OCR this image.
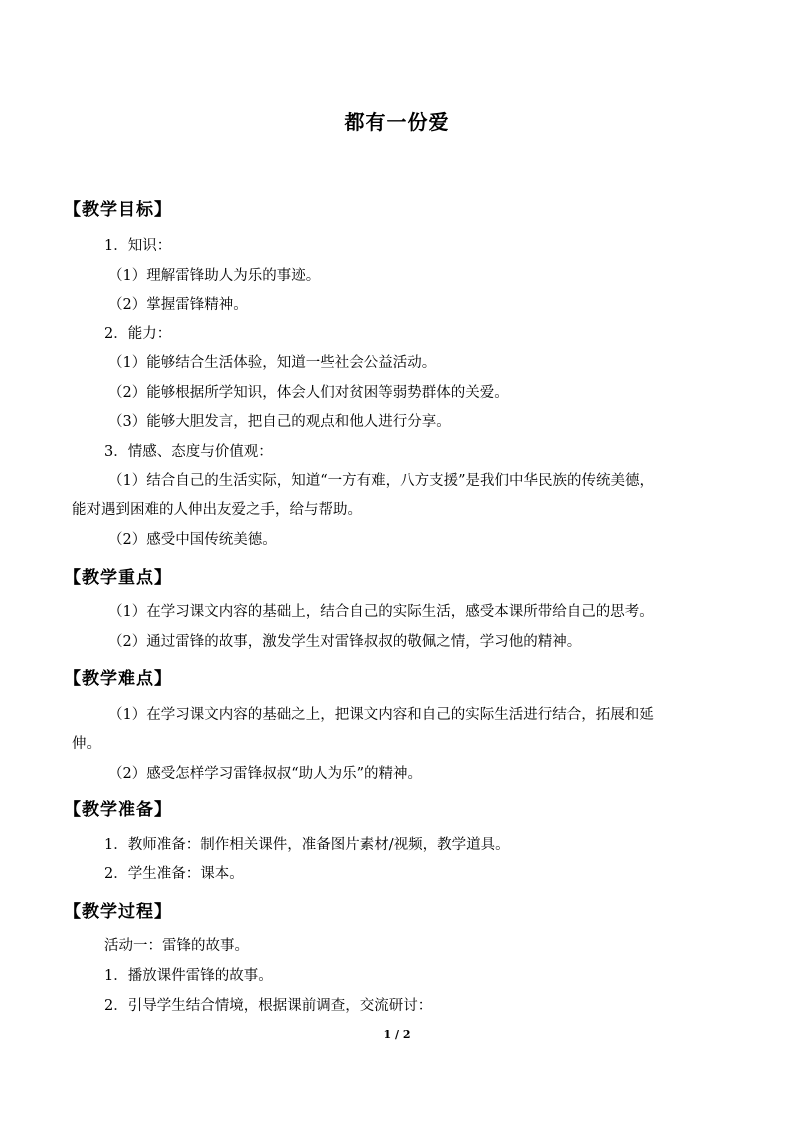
都有一份爱
【教学目标】
1．知识：
（1）理解雷锋助人为乐的事迹。
（2）掌握雷锋精神。
2．能力：
（1）能够结合生活体验，知道一些社会公益活动。
（2）能够根据所学知识，体会人们对贫困等弱势群体的关爱。
（3）能够大胆发言，把自己的观点和他人进行分享。
3．情感、态度与价值观：
（1）结合自己的生活实际，知道“一方有难，八方支援”是我们中华民族的传统美德，
能对遇到困难的人伸出友爱之手，给与帮助。
（2）感受中国传统美德。
【教学重点】
（1）在学习课文内容的基础上，结合自己的实际生活，感受本课所带给自己的思考。
（2）通过雷锋的故事，激发学生对雷锋叔叔的敬佩之情，学习他的精神。
【教学难点】
（1）在学习课文内容的基础之上，把课文内容和自己的实际生活进行结合，拓展和延
伸。
（2）感受怎样学习雷锋叔叔“助人为乐”的精神。
【教学准备】
1．教师准备：制作相关课件，准备图片素材/视频，教学道具。
2．学生准备：课本。
【教学过程】
活动一：雷锋的故事。
1．播放课件雷锋的故事。
2．引导学生结合情境，根据课前调查，交流研讨：
1 / 2
